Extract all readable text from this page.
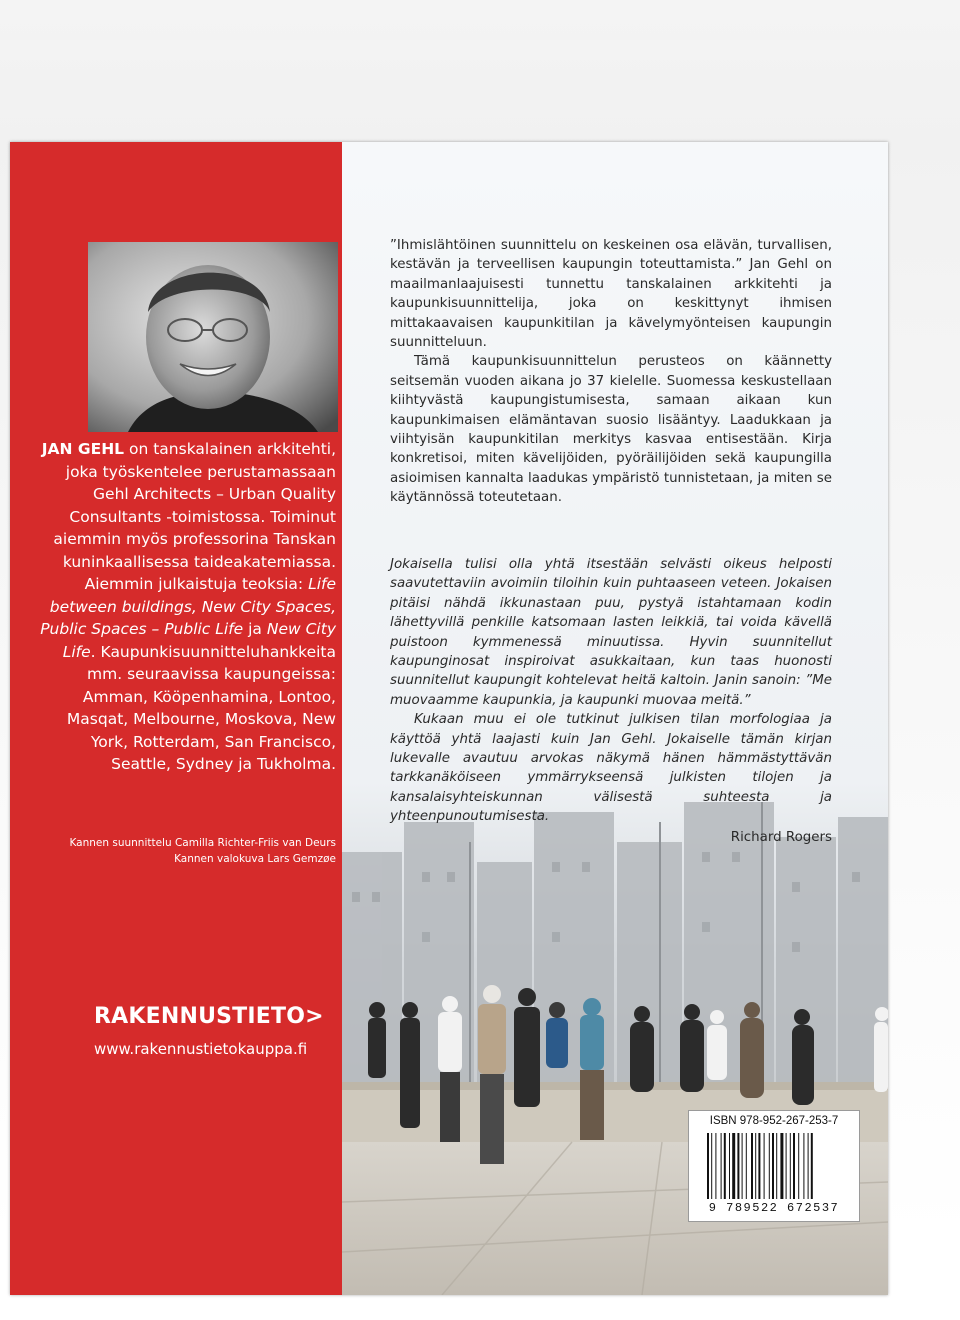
JAN GEHL on tanskalainen arkkitehti, joka työskentelee perustamassaan Gehl Architects – Urban Quality Consultants -toimistossa. Toiminut aiemmin myös professorina Tanskan kuninkaallisessa taideakatemiassa. Aiemmin julkaistuja teoksia: Life between buildings, New City Spaces, Public Spaces – Public Life ja New City Life. Kaupunkisuunnitteluhankkeita mm. seuraavissa kaupungeissa: Amman, Kööpenhamina, Lontoo, Masqat, Melbourne, Moskova, New York, Rotterdam, San Francisco, Seattle, Sydney ja Tukholma.
Kannen suunnittelu Camilla Richter-Friis van Deurs
Kannen valokuva Lars Gemzøe
RAKENNUSTIETO>
www.rakennustietokauppa.fi

”Ihmislähtöinen suunnittelu on keskeinen osa elävän, turvallisen, kestävän ja terveellisen kaupungin toteuttamista.” Jan Gehl on maailmanlaajuisesti tunnettu tanskalainen arkkitehti ja kaupunkisuunnittelija, joka on keskittynyt ihmisen mittakaavaisen kaupunkitilan ja kävelymyönteisen kaupungin suunnitteluun.

Tämä kaupunkisuunnittelun perusteos on käännetty seitsemän vuoden aikana jo 37 kielelle. Suomessa keskustellaan kiihtyvästä kaupungistumisesta, samaan aikaan kun kaupunkimaisen elämäntavan suosio lisääntyy. Laadukkaan ja viihtyisän kaupunkitilan merkitys kasvaa entisestään. Kirja konkretisoi, miten kävelijöiden, pyöräilijöiden sekä kaupungilla asioimisen kannalta laadukas ympäristö tunnistetaan, ja miten se käytännössä toteutetaan.

Jokaisella tulisi olla yhtä itsestään selvästi oikeus helposti saavutettaviin avoimiin tiloihin kuin puhtaaseen veteen. Jokaisen pitäisi nähdä ikkunastaan puu, pystyä istahtamaan kodin lähettyvillä penkille katsomaan lasten leikkiä, tai voida kävellä puistoon kymmenessä minuutissa. Hyvin suunnitellut kaupunginosat inspiroivat asukkaitaan, kun taas huonosti suunnitellut kaupungit kohtelevat heitä kaltoin. Janin sanoin: ”Me muovaamme kaupunkia, ja kaupunki muovaa meitä.”

Kukaan muu ei ole tutkinut julkisen tilan morfologiaa ja käyttöä yhtä laajasti kuin Jan Gehl. Jokaiselle tämän kirjan lukevalle avautuu arvokas näkymä hänen hämmästyttävän tarkkanäköiseen ymmärrykseensä julkisten tilojen ja kansalaisyhteiskunnan välisestä suhteesta ja yhteenpunoutumisesta.

Richard Rogers
ISBN 978-952-267-253-7
9 789522 672537
